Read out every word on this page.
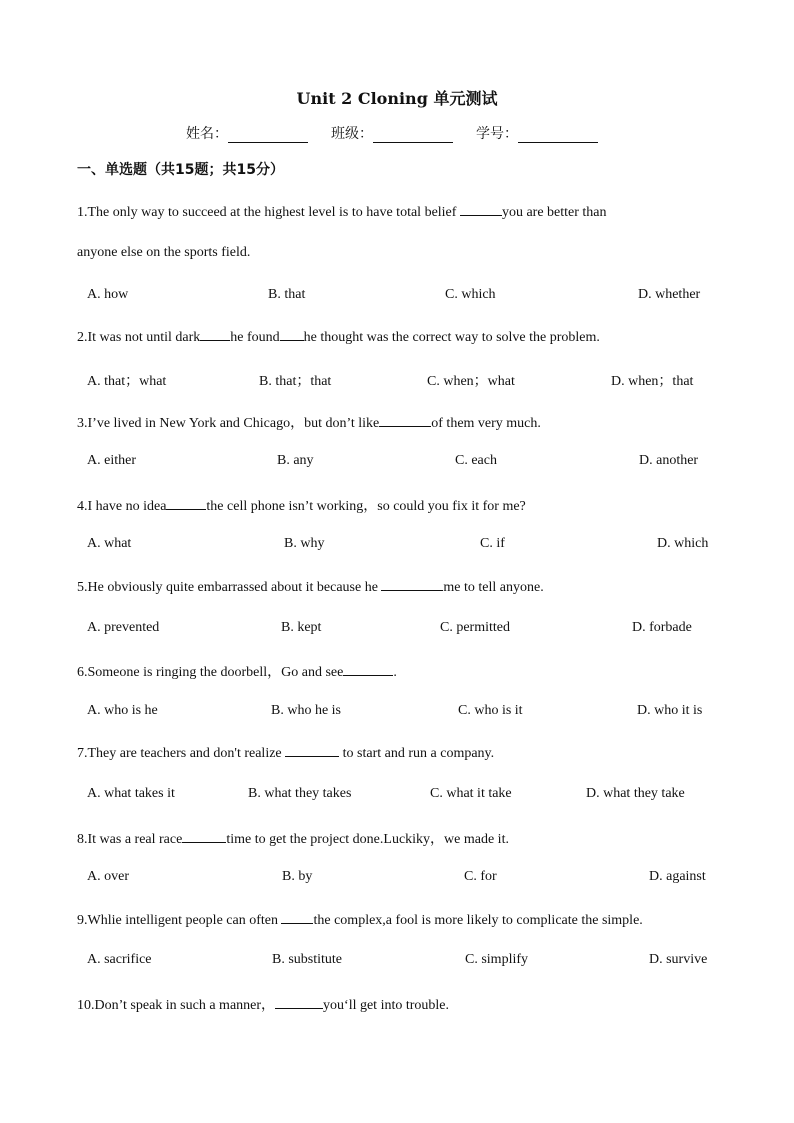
Unit 2 Cloning 单元测试
姓名：	班级：	学号：
一、单选题（共15题；共15分）
1.The only way to succeed at the highest level is to have total belief	you are better than
anyone else on the sports field.
A. how	B. that	C. which	D. whether
2.It was not until dark he found he thought was the correct way to solve the problem.
A. that；what	B. that；that	C. when；what	D. when；that
3.I’ve lived in New York and Chicago，but don’t like	of them very much.
A. either	B. any	C. each	D. another
4.I have no idea	the cell phone isn’t working，so could you fix it for me?
A. what	B. why	C. if	D. which
5.He obviously quite embarrassed about it because he	me to tell anyone.
A. prevented	B. kept	C. permitted	D. forbade
6.Someone is ringing the doorbell，Go and see	.
A. who is he	B. who he is	C. who is it	D. who it is
7.They are teachers and don't realize	to start and run a company.
A. what takes it	B. what they takes	C. what it take	D. what they take
8.It was a real race	time to get the project done.Luckiky，we made it.
A. over	B. by	C. for	D. against
9.Whlie intelligent people can often the complex,a fool is more likely to complicate the simple.
A. sacrifice	B. substitute	C. simplify	D. survive
10.Don’t speak in such a manner，	you‘ll get into trouble.
